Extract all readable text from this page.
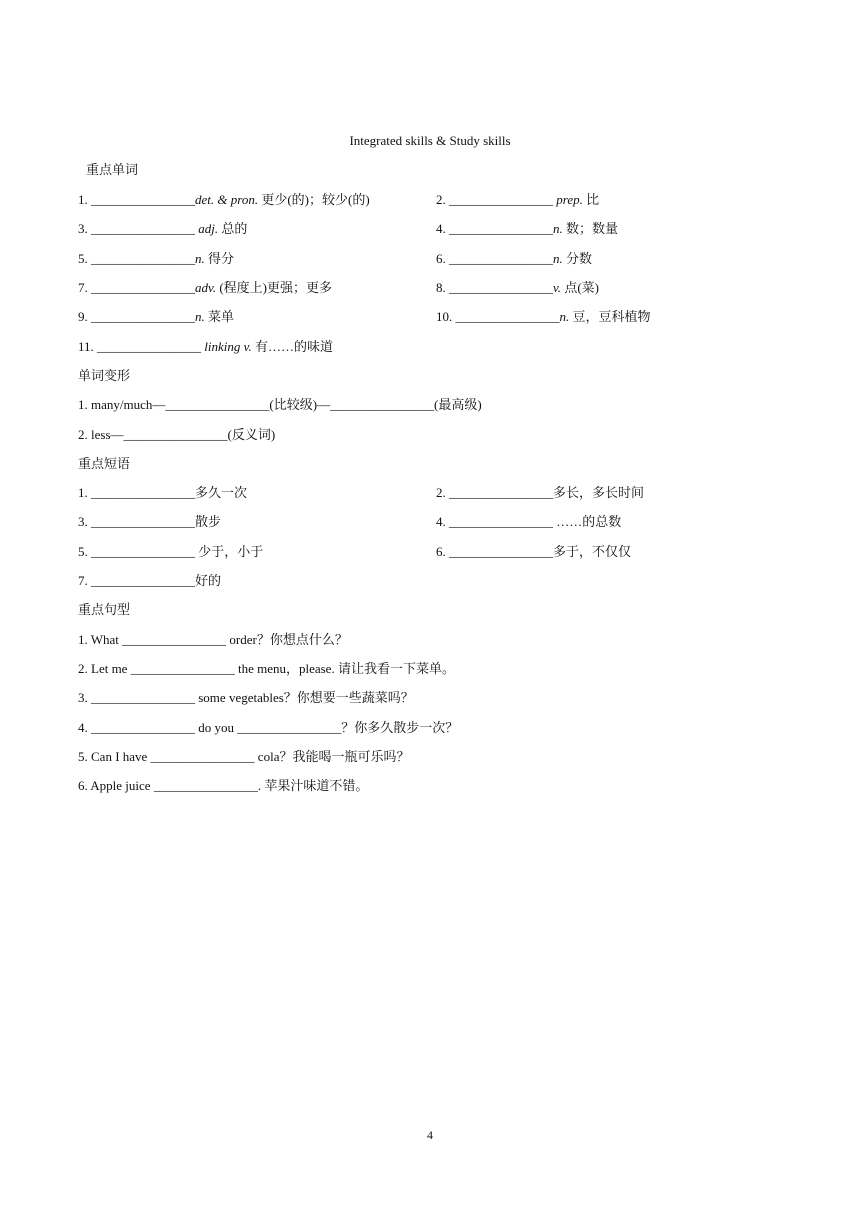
Integrated skills & Study skills
重点单词
1. ________________det. & pron. 更少(的)；较少(的)	2. ________________ prep. 比
3. ________________ adj. 总的	4. ________________n. 数；数量
5. ________________n. 得分	6. ________________n. 分数
7. ________________adv. (程度上)更强；更多	8. ________________v. 点(菜)
9. ________________n. 菜单	10. ________________n. 豆，豆科植物
11. ________________ linking v. 有……的味道
单词变形
1. many/much—________________(比较级)—________________(最高级)
2. less—________________(反义词)
重点短语
1. ________________多久一次	2. ________________多长，多长时间
3. ________________散步	4. ________________ ……的总数
5. ________________ 少于，小于	6. ________________多于，不仅仅
7. ________________好的
重点句型
1. What ________________ order？你想点什么？
2. Let me ________________ the menu，please. 请让我看一下菜单。
3. ________________ some vegetables？你想要一些蔬菜吗？
4. ________________ do you ________________？你多久散步一次？
5. Can I have ________________ cola？我能喝一瓶可乐吗？
6. Apple juice ________________. 苹果汁味道不错。
4
